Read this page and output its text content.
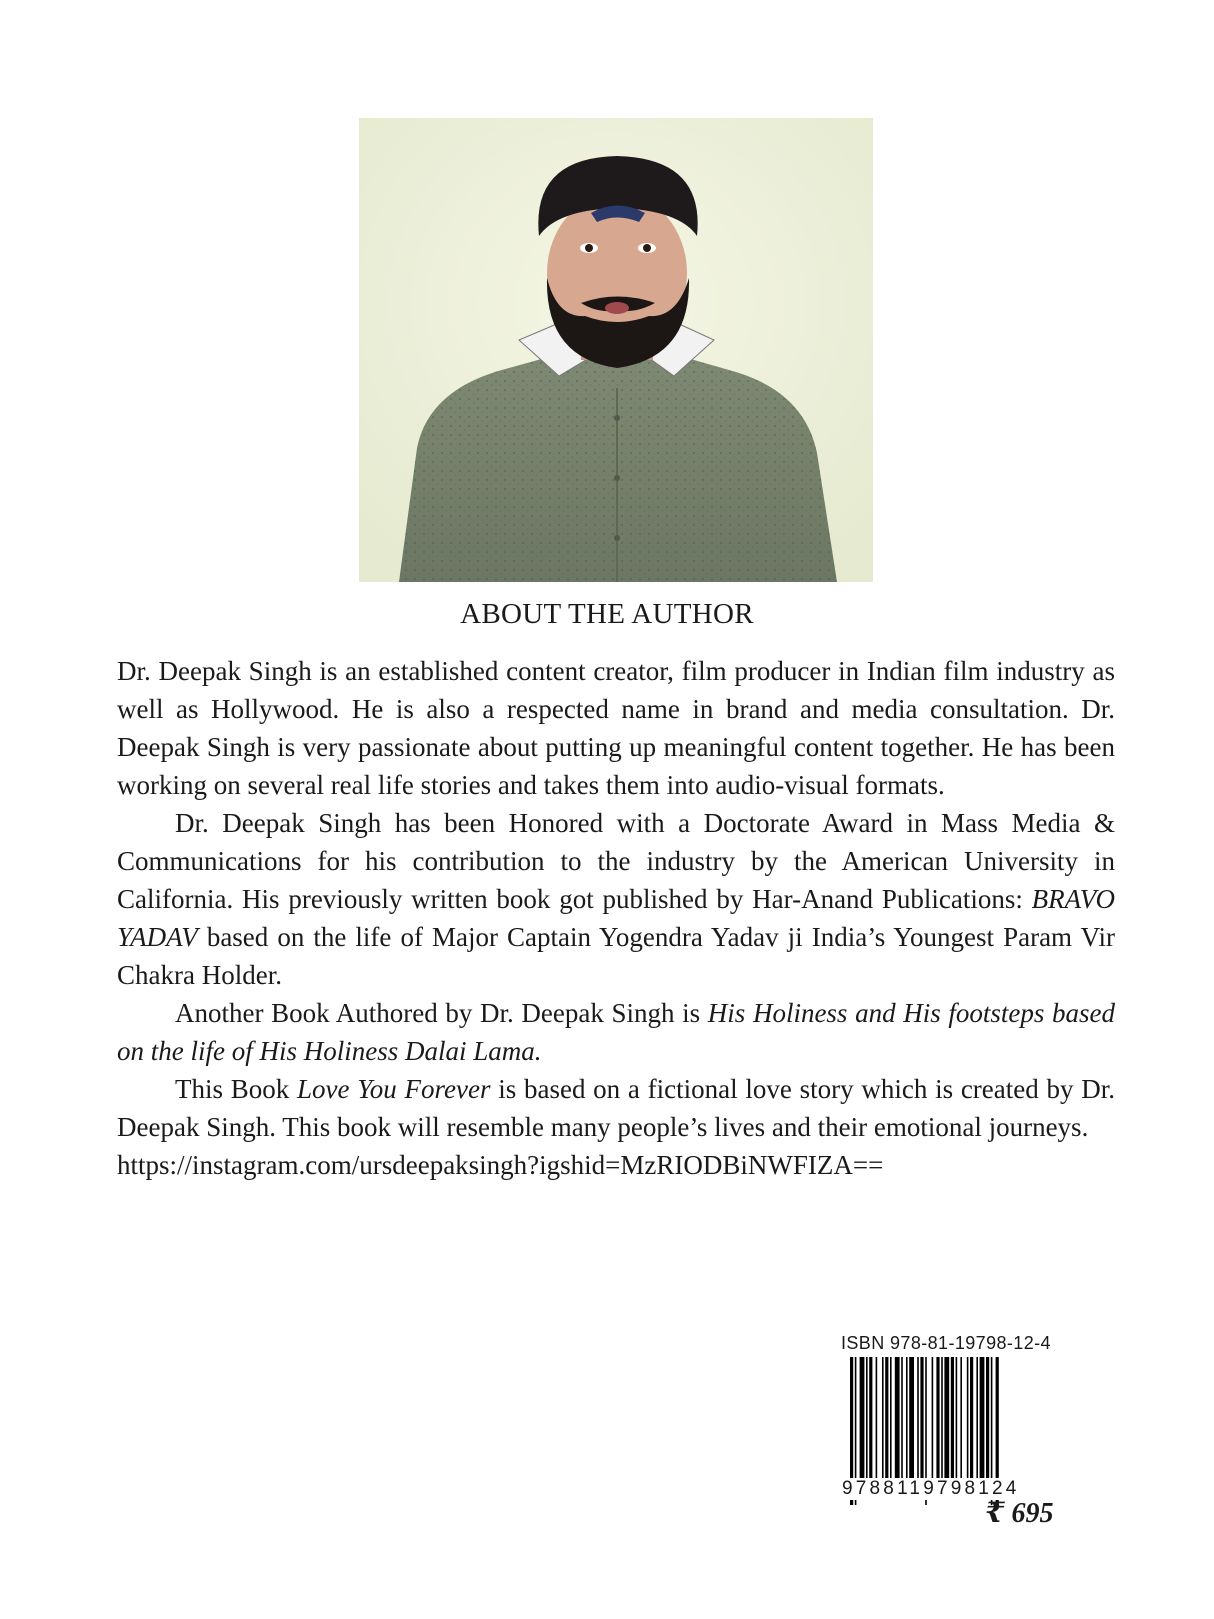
ABOUT THE AUTHOR

Dr. Deepak Singh is an established content creator, film producer in Indian film industry as well as Hollywood. He is also a respected name in brand and media consultation. Dr. Deepak Singh is very passionate about putting up meaningful content together. He has been working on several real life stories and takes them into audio-visual formats.

Dr. Deepak Singh has been Honored with a Doctorate Award in Mass Media & Communications for his contribution to the industry by the American University in California. His previously written book got published by Har-Anand Publications: BRAVO YADAV based on the life of Major Captain Yogendra Yadav ji India’s Youngest Param Vir Chakra Holder.

Another Book Authored by Dr. Deepak Singh is His Holiness and His footsteps based on the life of His Holiness Dalai Lama.

This Book Love You Forever is based on a fictional love story which is created by Dr. Deepak Singh. This book will resemble many people’s lives and their emotional journeys.

https://instagram.com/ursdeepaksingh?igshid=MzRIODBiNWFIZA==

ISBN 978-81-19798-12-4
9788119798124
₹ 695
